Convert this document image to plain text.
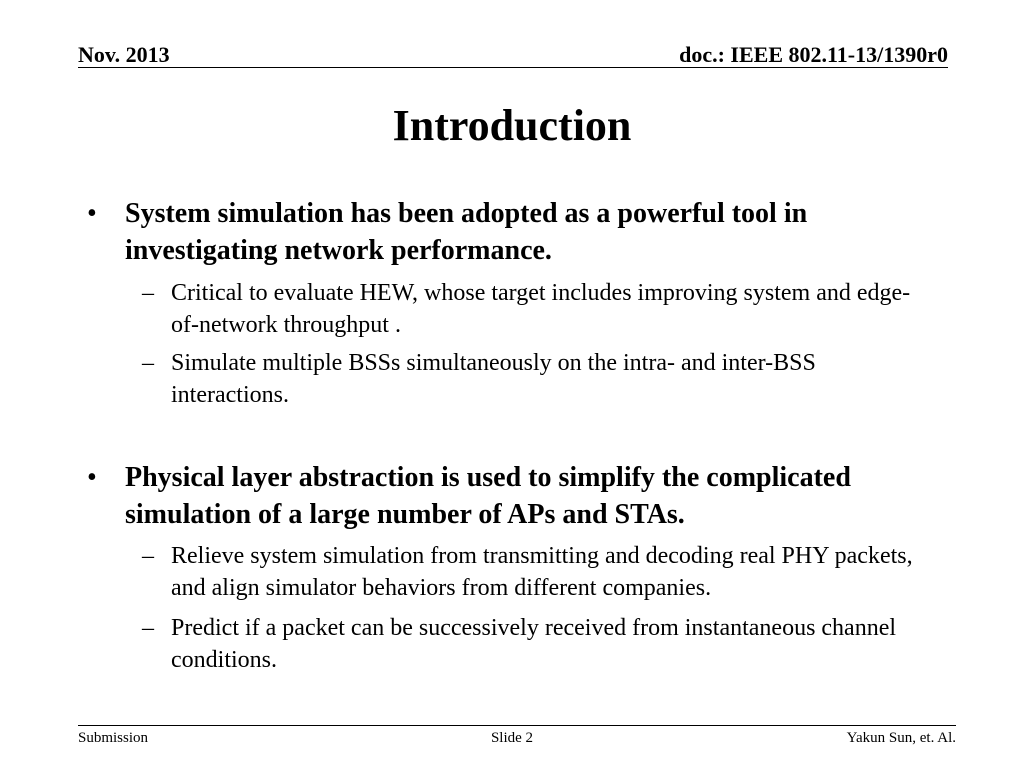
Nov. 2013	doc.: IEEE 802.11-13/1390r0
Introduction
• System simulation has been adopted as a powerful tool in investigating network performance.
– Critical to evaluate HEW, whose target includes improving system and edge-of-network throughput .
– Simulate multiple BSSs simultaneously on the intra- and inter-BSS interactions.
• Physical layer abstraction is used to simplify the complicated simulation of a large number of APs and STAs.
– Relieve system simulation from transmitting and decoding real PHY packets, and align simulator behaviors from different companies.
– Predict if a packet can be successively received from instantaneous channel conditions.
Submission	Slide 2	Yakun Sun, et. Al.
